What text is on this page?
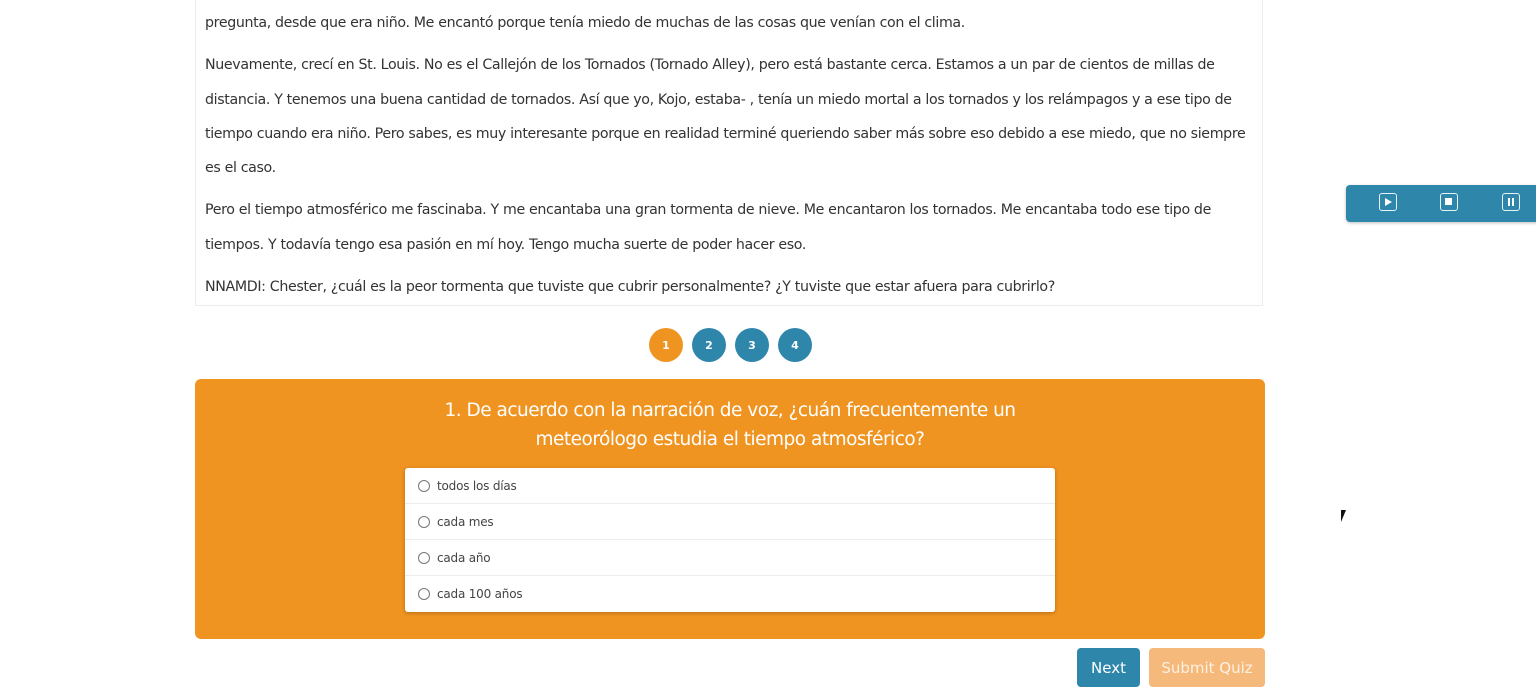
pregunta, desde que era niño. Me encantó porque tenía miedo de muchas de las cosas que venían con el clima.

Nuevamente, crecí en St. Louis. No es el Callejón de los Tornados (Tornado Alley), pero está bastante cerca. Estamos a un par de cientos de millas de distancia. Y tenemos una buena cantidad de tornados. Así que yo, Kojo, estaba- , tenía un miedo mortal a los tornados y los relámpagos y a ese tipo de tiempo cuando era niño. Pero sabes, es muy interesante porque en realidad terminé queriendo saber más sobre eso debido a ese miedo, que no siempre es el caso.

Pero el tiempo atmosférico me fascinaba. Y me encantaba una gran tormenta de nieve. Me encantaron los tornados. Me encantaba todo ese tipo de tiempos. Y todavía tengo esa pasión en mí hoy. Tengo mucha suerte de poder hacer eso.

NNAMDI: Chester, ¿cuál es la peor tormenta que tuviste que cubrir personalmente? ¿Y tuviste que estar afuera para cubrirlo?

1	2	3	4
1. De acuerdo con la narración de voz, ¿cuán frecuentemente un
meteorólogo estudia el tiempo atmosférico?
todos los días
cada mes
cada año
cada 100 años
Next	Submit Quiz
